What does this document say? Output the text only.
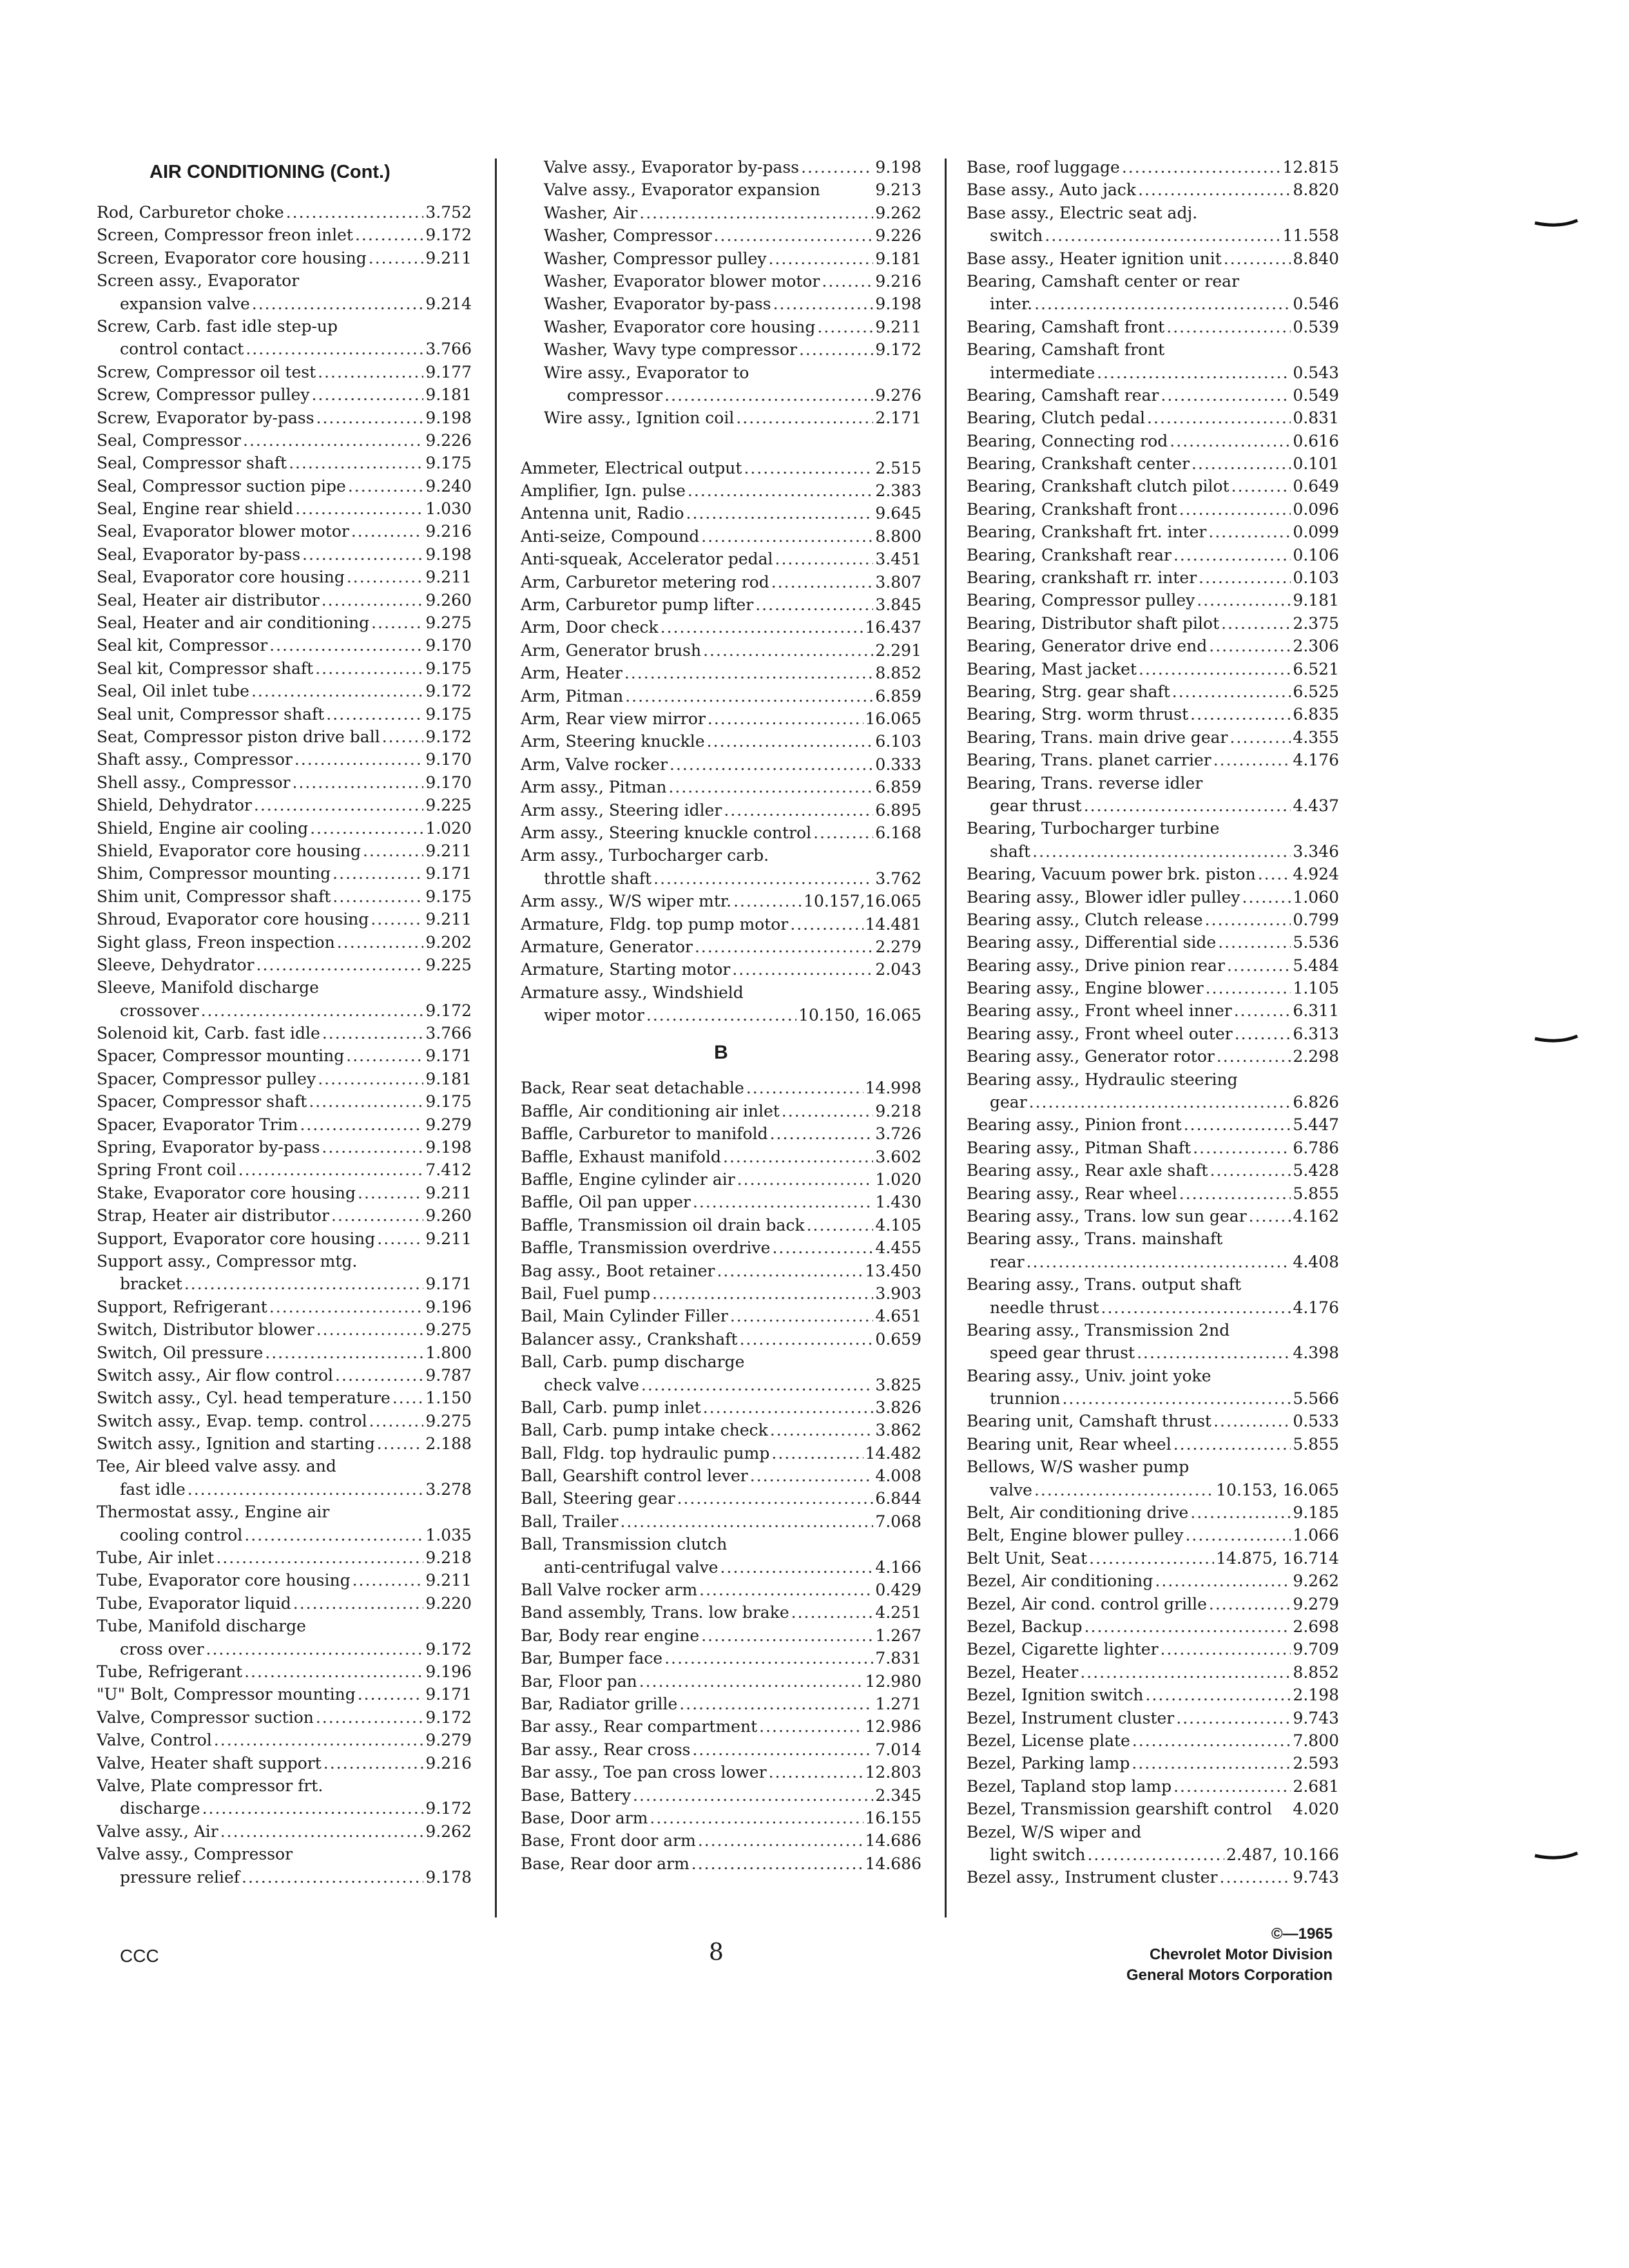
AIR CONDITIONING (Cont.)
Rod, Carburetor choke .....	3.752
Screen, Compressor freon inlet .....	9.172
Screen, Evaporator core housing .....	9.211
Screen assy., Evaporator
expansion valve .....	9.214
Screw, Carb. fast idle step-up
control contact .....	3.766
Screw, Compressor oil test .....	9.177
Screw, Compressor pulley .....	9.181
Screw, Evaporator by-pass .....	9.198
Seal, Compressor .....	9.226
Seal, Compressor shaft .....	9.175
Seal, Compressor suction pipe .....	9.240
Seal, Engine rear shield .....	1.030
Seal, Evaporator blower motor .....	9.216
Seal, Evaporator by-pass .....	9.198
Seal, Evaporator core housing .....	9.211
Seal, Heater air distributor .....	9.260
Seal, Heater and air conditioning .....	9.275
Seal kit, Compressor .....	9.170
Seal kit, Compressor shaft .....	9.175
Seal, Oil inlet tube .....	9.172
Seal unit, Compressor shaft .....	9.175
Seat, Compressor piston drive ball .....	9.172
Shaft assy., Compressor .....	9.170
Shell assy., Compressor .....	9.170
Shield, Dehydrator .....	9.225
Shield, Engine air cooling .....	1.020
Shield, Evaporator core housing .....	9.211
Shim, Compressor mounting .....	9.171
Shim unit, Compressor shaft .....	9.175
Shroud, Evaporator core housing .....	9.211
Sight glass, Freon inspection .....	9.202
Sleeve, Dehydrator .....	9.225
Sleeve, Manifold discharge
crossover .....	9.172
Solenoid kit, Carb. fast idle .....	3.766
Spacer, Compressor mounting .....	9.171
Spacer, Compressor pulley .....	9.181
Spacer, Compressor shaft .....	9.175
Spacer, Evaporator Trim .....	9.279
Spring, Evaporator by-pass .....	9.198
Spring Front coil .....	7.412
Stake, Evaporator core housing .....	9.211
Strap, Heater air distributor .....	9.260
Support, Evaporator core housing .....	9.211
Support assy., Compressor mtg.
bracket .....	9.171
Support, Refrigerant .....	9.196
Switch, Distributor blower .....	9.275
Switch, Oil pressure .....	1.800
Switch assy., Air flow control .....	9.787
Switch assy., Cyl. head temperature ..... 1.150
Switch assy., Evap. temp. control .....	9.275
Switch assy., Ignition and starting .....	2.188
Tee, Air bleed valve assy. and
fast idle .....	3.278
Thermostat assy., Engine air
cooling control .....	1.035
Tube, Air inlet .....	9.218
Tube, Evaporator core housing .....	9.211
Tube, Evaporator liquid .....	9.220
Tube, Manifold discharge
cross over .....	9.172
Tube, Refrigerant .....	9.196
"U" Bolt, Compressor mounting .....	9.171
Valve, Compressor suction .....	9.172
Valve, Control .....	9.279
Valve, Heater shaft support .....	9.216
Valve, Plate compressor frt.
discharge .....	9.172
Valve assy., Air .....	9.262
Valve assy., Compressor
pressure relief .....	9.178
Valve assy., Evaporator by-pass .....	9.198
Valve assy., Evaporator expansion	9.213
Washer, Air .....	9.262
Washer, Compressor .....	9.226
Washer, Compressor pulley .....	9.181
Washer, Evaporator blower motor .....	9.216
Washer, Evaporator by-pass .....	9.198
Washer, Evaporator core housing .....	9.211
Washer, Wavy type compressor .....	9.172
Wire assy., Evaporator to
compressor .....	9.276
Wire assy., Ignition coil .....	2.171
Ammeter, Electrical output .....	2.515
Amplifier, Ign. pulse .....	2.383
Antenna unit, Radio .....	9.645
Anti-seize, Compound .....	8.800
Anti-squeak, Accelerator pedal .....	3.451
Arm, Carburetor metering rod .....	3.807
Arm, Carburetor pump lifter .....	3.845
Arm, Door check .....	16.437
Arm, Generator brush .....	2.291
Arm, Heater .....	8.852
Arm, Pitman .....	6.859
Arm, Rear view mirror .....	16.065
Arm, Steering knuckle .....	6.103
Arm, Valve rocker .....	0.333
Arm assy., Pitman .....	6.859
Arm assy., Steering idler .....	6.895
Arm assy., Steering knuckle control .....	6.168
Arm assy., Turbocharger carb.
throttle shaft .....	3.762
Arm assy., W/S wiper mtr. .....	10.157,16.065
Armature, Fldg. top pump motor .....	14.481
Armature, Generator .....	2.279
Armature, Starting motor .....	2.043
Armature assy., Windshield
wiper motor .....	10.150, 16.065
B
Back, Rear seat detachable .....	14.998
Baffle, Air conditioning air inlet .....	9.218
Baffle, Carburetor to manifold .....	3.726
Baffle, Exhaust manifold .....	3.602
Baffle, Engine cylinder air .....	1.020
Baffle, Oil pan upper .....	1.430
Baffle, Transmission oil drain back .....	4.105
Baffle, Transmission overdrive .....	4.455
Bag assy., Boot retainer .....	13.450
Bail, Fuel pump .....	3.903
Bail, Main Cylinder Filler .....	4.651
Balancer assy., Crankshaft .....	0.659
Ball, Carb. pump discharge
check valve .....	3.825
Ball, Carb. pump inlet .....	3.826
Ball, Carb. pump intake check .....	3.862
Ball, Fldg. top hydraulic pump .....	14.482
Ball, Gearshift control lever .....	4.008
Ball, Steering gear .....	6.844
Ball, Trailer .....	7.068
Ball, Transmission clutch
anti-centrifugal valve .....	4.166
Ball Valve rocker arm .....	0.429
Band assembly, Trans. low brake .....	4.251
Bar, Body rear engine .....	1.267
Bar, Bumper face .....	7.831
Bar, Floor pan .....	12.980
Bar, Radiator grille .....	1.271
Bar assy., Rear compartment .....	12.986
Bar assy., Rear cross .....	7.014
Bar assy., Toe pan cross lower .....	12.803
Base, Battery .....	2.345
Base, Door arm .....	16.155
Base, Front door arm .....	14.686
Base, Rear door arm .....	14.686
Base, roof luggage .....	12.815
Base assy., Auto jack .....	8.820
Base assy., Electric seat adj.
switch .....	11.558
Base assy., Heater ignition unit .....	8.840
Bearing, Camshaft center or rear
inter. .....	0.546
Bearing, Camshaft front .....	0.539
Bearing, Camshaft front
intermediate .....	0.543
Bearing, Camshaft rear .....	0.549
Bearing, Clutch pedal .....	0.831
Bearing, Connecting rod .....	0.616
Bearing, Crankshaft center .....	0.101
Bearing, Crankshaft clutch pilot .....	0.649
Bearing, Crankshaft front .....	0.096
Bearing, Crankshaft frt. inter .....	0.099
Bearing, Crankshaft rear .....	0.106
Bearing, crankshaft rr. inter .....	0.103
Bearing, Compressor pulley .....	9.181
Bearing, Distributor shaft pilot .....	2.375
Bearing, Generator drive end .....	2.306
Bearing, Mast jacket .....	6.521
Bearing, Strg. gear shaft .....	6.525
Bearing, Strg. worm thrust .....	6.835
Bearing, Trans. main drive gear .....	4.355
Bearing, Trans. planet carrier .....	4.176
Bearing, Trans. reverse idler
gear thrust .....	4.437
Bearing, Turbocharger turbine
shaft .....	3.346
Bearing, Vacuum power brk. piston ..... 4.924
Bearing assy., Blower idler pulley .....	1.060
Bearing assy., Clutch release .....	0.799
Bearing assy., Differential side .....	5.536
Bearing assy., Drive pinion rear .....	5.484
Bearing assy., Engine blower .....	1.105
Bearing assy., Front wheel inner .....	6.311
Bearing assy., Front wheel outer .....	6.313
Bearing assy., Generator rotor .....	2.298
Bearing assy., Hydraulic steering
gear .....	6.826
Bearing assy., Pinion front .....	5.447
Bearing assy., Pitman Shaft .....	6.786
Bearing assy., Rear axle shaft .....	5.428
Bearing assy., Rear wheel .....	5.855
Bearing assy., Trans. low sun gear .....	4.162
Bearing assy., Trans. mainshaft
rear .....	4.408
Bearing assy., Trans. output shaft
needle thrust .....	4.176
Bearing assy., Transmission 2nd
speed gear thrust .....	4.398
Bearing assy., Univ. joint yoke
trunnion .....	5.566
Bearing unit, Camshaft thrust .....	0.533
Bearing unit, Rear wheel .....	5.855
Bellows, W/S washer pump
valve .....	10.153, 16.065
Belt, Air conditioning drive .....	9.185
Belt, Engine blower pulley .....	1.066
Belt Unit, Seat .....	14.875, 16.714
Bezel, Air conditioning .....	9.262
Bezel, Air cond. control grille .....	9.279
Bezel, Backup .....	2.698
Bezel, Cigarette lighter .....	9.709
Bezel, Heater .....	8.852
Bezel, Ignition switch .....	2.198
Bezel, Instrument cluster .....	9.743
Bezel, License plate .....	7.800
Bezel, Parking lamp .....	2.593
Bezel, Tapland stop lamp .....	2.681
Bezel, Transmission gearshift control 4.020
Bezel, W/S wiper and
light switch .....	2.487, 10.166
Bezel assy., Instrument cluster .....	9.743
CCC	8
©—1965
Chevrolet Motor Division
General Motors Corporation
